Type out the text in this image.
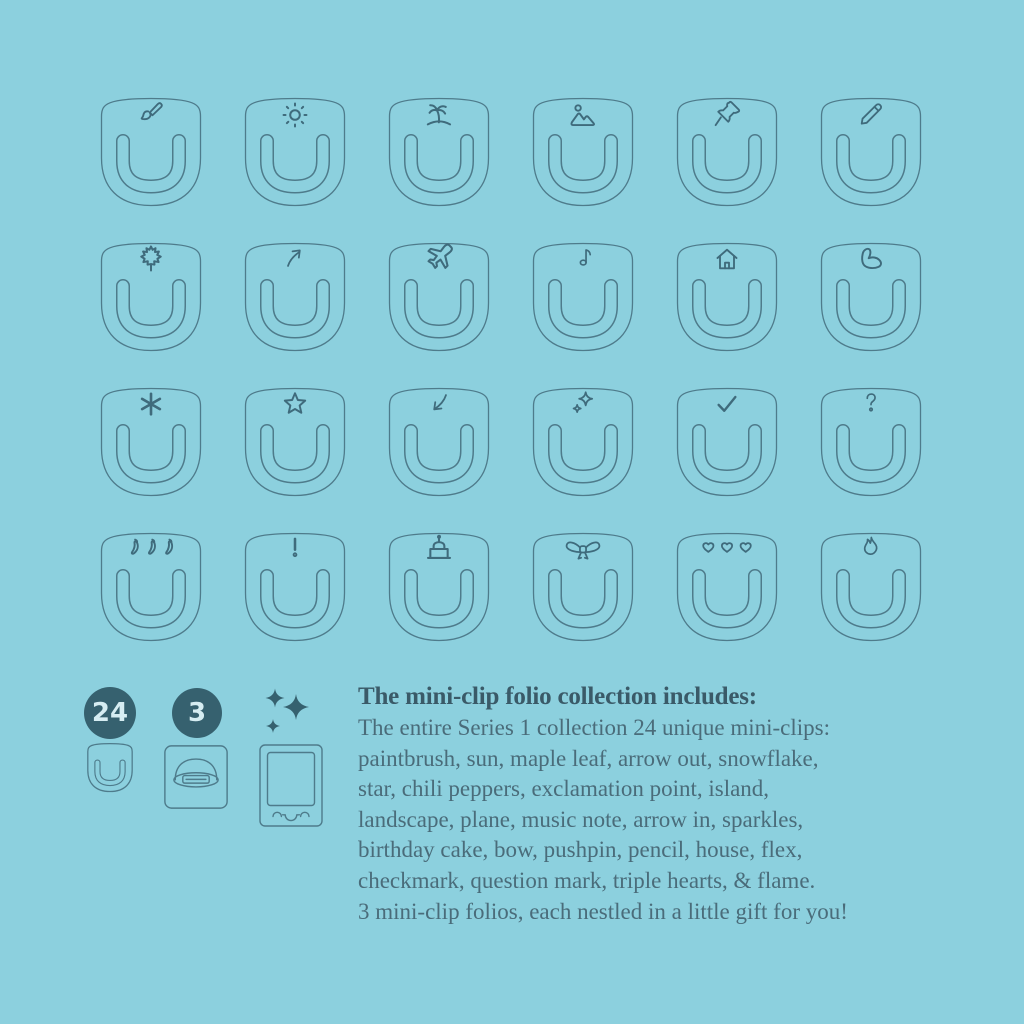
24	3
The mini-clip folio collection includes:
The entire Series 1 collection 24 unique mini-clips:
paintbrush, sun, maple leaf, arrow out, snowflake,
star, chili peppers, exclamation point, island,
landscape, plane, music note, arrow in, sparkles,
birthday cake, bow, pushpin, pencil, house, flex,
checkmark, question mark, triple hearts, & flame.
3 mini-clip folios, each nestled in a little gift for you!
